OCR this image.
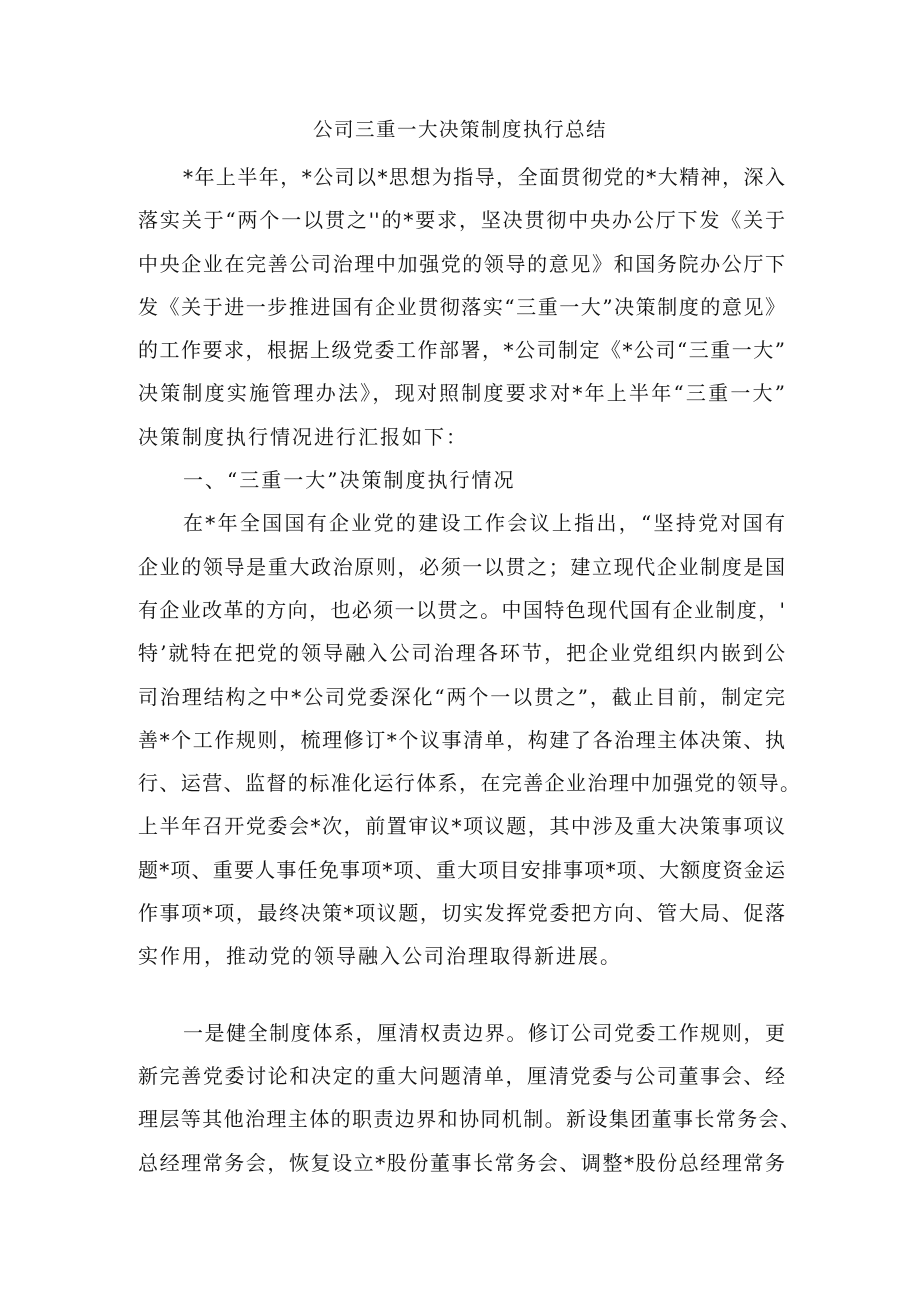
公司三重一大决策制度执行总结
*年上半年，*公司以*思想为指导，全面贯彻党的*大精神，深入
落实关于“两个一以贯之''的*要求，坚决贯彻中央办公厅下发《关于
中央企业在完善公司治理中加强党的领导的意见》和国务院办公厅下
发《关于进一步推进国有企业贯彻落实“三重一大”决策制度的意见》
的工作要求，根据上级党委工作部署，*公司制定《*公司“三重一大”
决策制度实施管理办法》，现对照制度要求对*年上半年“三重一大”
决策制度执行情况进行汇报如下：
一、“三重一大”决策制度执行情况
在*年全国国有企业党的建设工作会议上指出，“坚持党对国有
企业的领导是重大政治原则，必须一以贯之；建立现代企业制度是国
有企业改革的方向，也必须一以贯之。中国特色现代国有企业制度，'
特’就特在把党的领导融入公司治理各环节，把企业党组织内嵌到公
司治理结构之中*公司党委深化“两个一以贯之”，截止目前，制定完
善*个工作规则，梳理修订*个议事清单，构建了各治理主体决策、执
行、运营、监督的标准化运行体系，在完善企业治理中加强党的领导。
上半年召开党委会*次，前置审议*项议题，其中涉及重大决策事项议
题*项、重要人事任免事项*项、重大项目安排事项*项、大额度资金运
作事项*项，最终决策*项议题，切实发挥党委把方向、管大局、促落
实作用，推动党的领导融入公司治理取得新进展。
一是健全制度体系，厘清权责边界。修订公司党委工作规则，更
新完善党委讨论和决定的重大问题清单，厘清党委与公司董事会、经
理层等其他治理主体的职责边界和协同机制。新设集团董事长常务会、
总经理常务会，恢复设立*股份董事长常务会、调整*股份总经理常务
